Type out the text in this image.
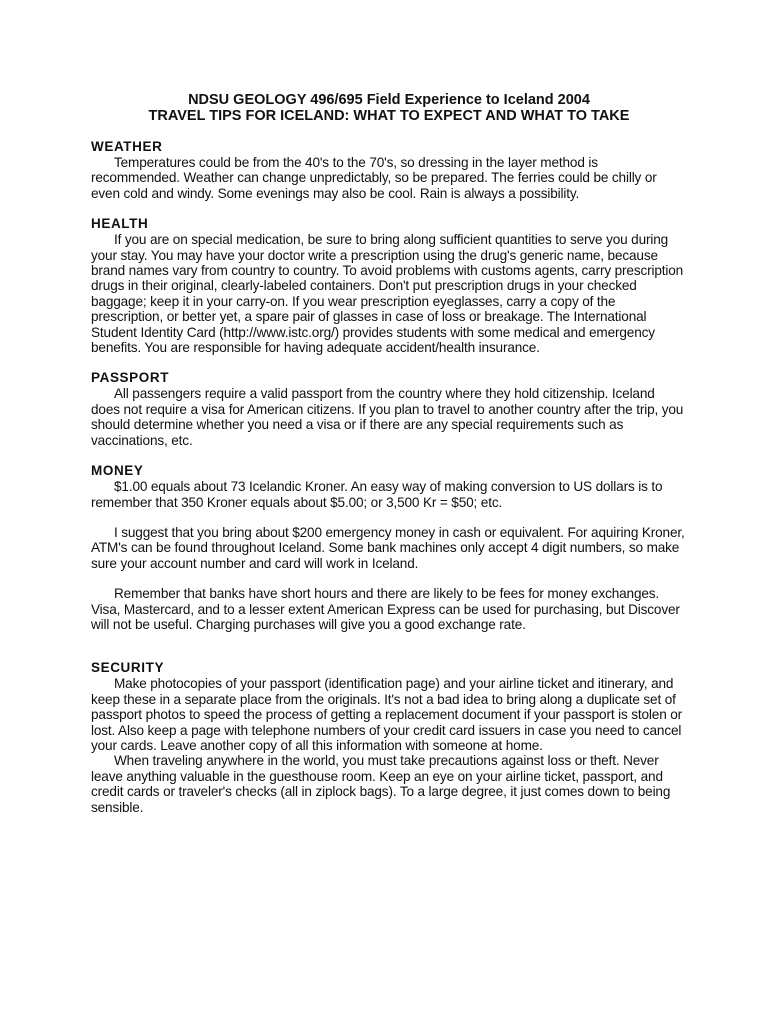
NDSU GEOLOGY 496/695 Field Experience to Iceland 2004

TRAVEL TIPS FOR ICELAND: WHAT TO EXPECT AND WHAT TO TAKE

WEATHER

Temperatures could be from the 40's to the 70's, so dressing in the layer method is recommended. Weather can change unpredictably, so be prepared. The ferries could be chilly or even cold and windy. Some evenings may also be cool. Rain is always a possibility.

HEALTH

If you are on special medication, be sure to bring along sufficient quantities to serve you during your stay. You may have your doctor write a prescription using the drug's generic name, because brand names vary from country to country. To avoid problems with customs agents, carry prescription drugs in their original, clearly-labeled containers. Don't put prescription drugs in your checked baggage; keep it in your carry-on. If you wear prescription eyeglasses, carry a copy of the prescription, or better yet, a spare pair of glasses in case of loss or breakage. The International Student Identity Card (http://www.istc.org/) provides students with some medical and emergency benefits. You are responsible for having adequate accident/health insurance.

PASSPORT

All passengers require a valid passport from the country where they hold citizenship. Iceland does not require a visa for American citizens. If you plan to travel to another country after the trip, you should determine whether you need a visa or if there are any special requirements such as vaccinations, etc.

MONEY

$1.00 equals about 73 Icelandic Kroner. An easy way of making conversion to US dollars is to remember that 350 Kroner equals about $5.00; or 3,500 Kr = $50; etc.

I suggest that you bring about $200 emergency money in cash or equivalent. For aquiring Kroner, ATM's can be found throughout Iceland. Some bank machines only accept 4 digit numbers, so make sure your account number and card will work in Iceland.

Remember that banks have short hours and there are likely to be fees for money exchanges. Visa, Mastercard, and to a lesser extent American Express can be used for purchasing, but Discover will not be useful. Charging purchases will give you a good exchange rate.

SECURITY

Make photocopies of your passport (identification page) and your airline ticket and itinerary, and keep these in a separate place from the originals. It's not a bad idea to bring along a duplicate set of passport photos to speed the process of getting a replacement document if your passport is stolen or lost. Also keep a page with telephone numbers of your credit card issuers in case you need to cancel your cards. Leave another copy of all this information with someone at home.

When traveling anywhere in the world, you must take precautions against loss or theft. Never leave anything valuable in the guesthouse room. Keep an eye on your airline ticket, passport, and credit cards or traveler's checks (all in ziplock bags). To a large degree, it just comes down to being sensible.
